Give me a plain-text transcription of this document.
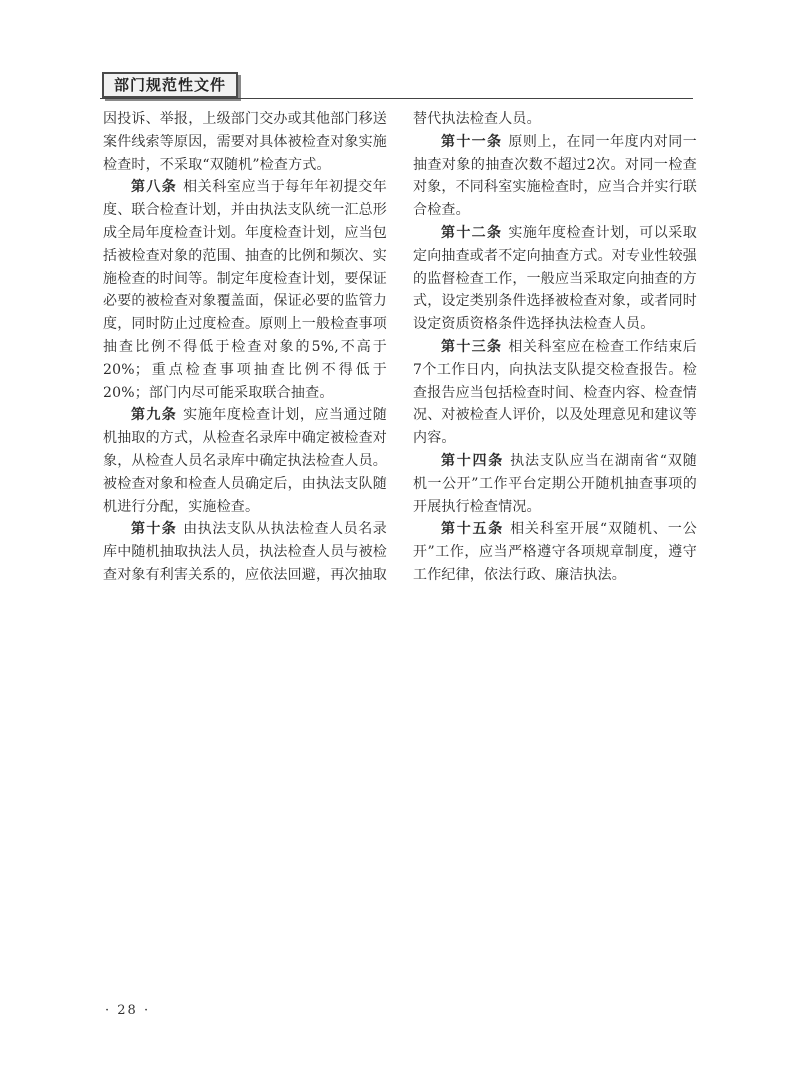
部门规范性文件

因投诉、举报，上级部门交办或其他部门移送案件线索等原因，需要对具体被检查对象实施检查时，不采取“双随机”检查方式。

第八条 相关科室应当于每年年初提交年度、联合检查计划，并由执法支队统一汇总形成全局年度检查计划。年度检查计划，应当包括被检查对象的范围、抽查的比例和频次、实施检查的时间等。制定年度检查计划，要保证必要的被检查对象覆盖面，保证必要的监管力度，同时防止过度检查。原则上一般检查事项抽查比例不得低于检查对象的5%,不高于20%；重点检查事项抽查比例不得低于20%；部门内尽可能采取联合抽查。

第九条 实施年度检查计划，应当通过随机抽取的方式，从检查名录库中确定被检查对象，从检查人员名录库中确定执法检查人员。被检查对象和检查人员确定后，由执法支队随机进行分配，实施检查。

第十条 由执法支队从执法检查人员名录库中随机抽取执法人员，执法检查人员与被检查对象有利害关系的，应依法回避，再次抽取

替代执法检查人员。

第十一条 原则上，在同一年度内对同一抽查对象的抽查次数不超过2次。对同一检查对象，不同科室实施检查时，应当合并实行联合检查。

第十二条 实施年度检查计划，可以采取定向抽查或者不定向抽查方式。对专业性较强的监督检查工作，一般应当采取定向抽查的方式，设定类别条件选择被检查对象，或者同时设定资质资格条件选择执法检查人员。

第十三条 相关科室应在检查工作结束后7个工作日内，向执法支队提交检查报告。检查报告应当包括检查时间、检查内容、检查情况、对被检查人评价，以及处理意见和建议等内容。

第十四条 执法支队应当在湖南省“双随机一公开”工作平台定期公开随机抽查事项的开展执行检查情况。

第十五条 相关科室开展“双随机、一公开”工作，应当严格遵守各项规章制度，遵守工作纪律，依法行政、廉洁执法。

· 28 ·
